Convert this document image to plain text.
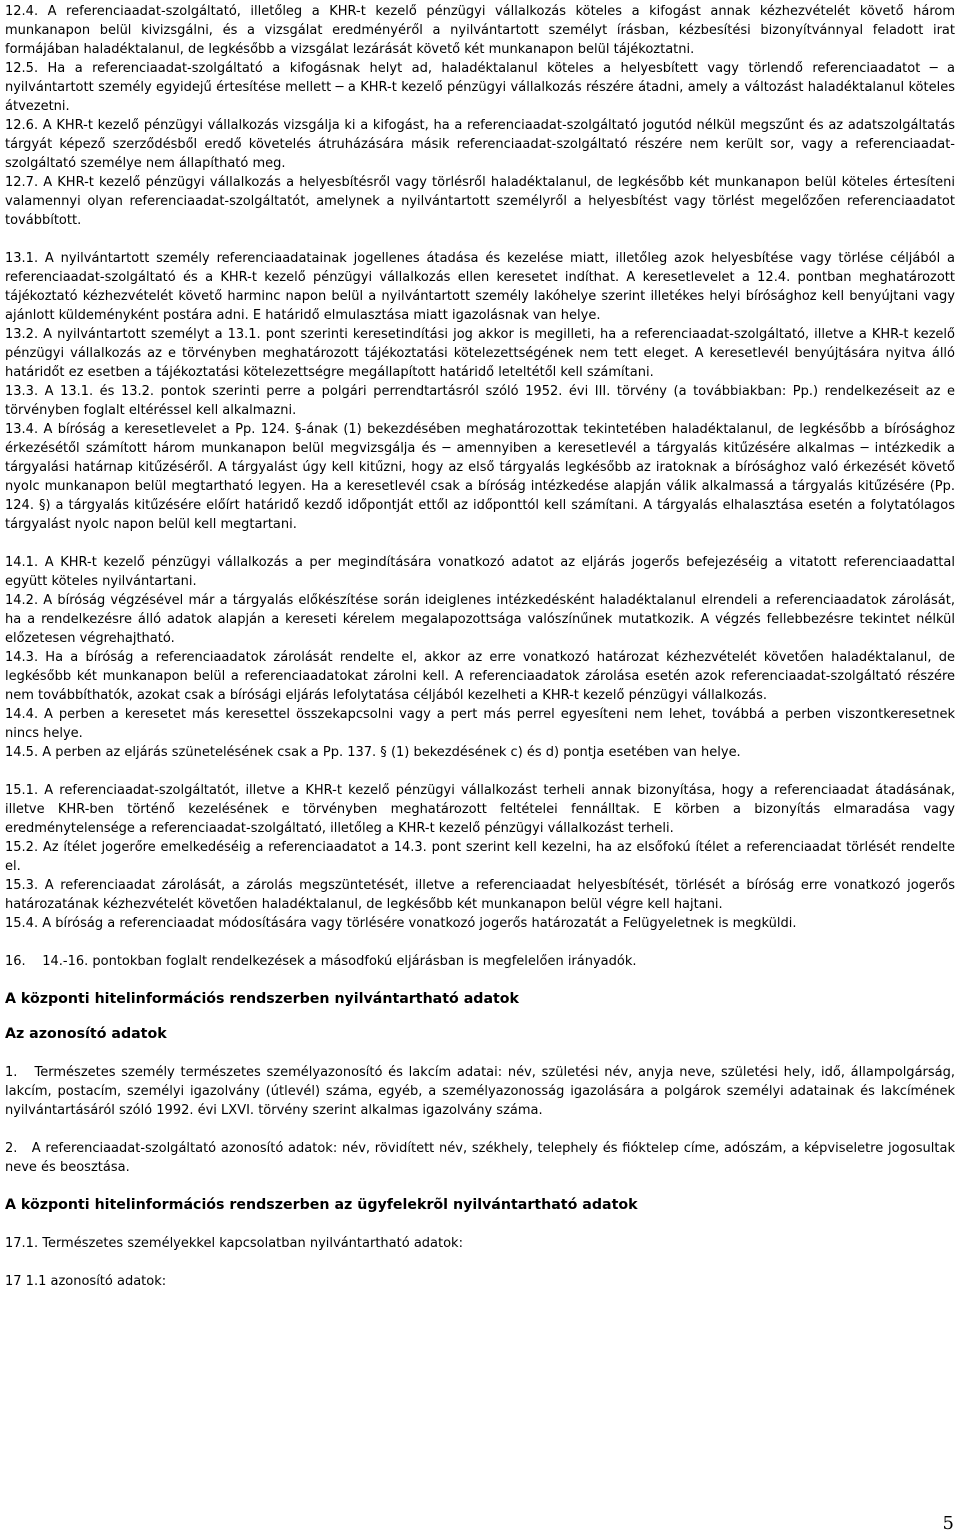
12.4. A referenciaadat-szolgáltató, illetőleg a KHR-t kezelő pénzügyi vállalkozás köteles a kifogást annak kézhezvételét követő három munkanapon belül kivizsgálni, és a vizsgálat eredményéről a nyilvántartott személyt írásban, kézbesítési bizonyítvánnyal feladott irat formájában haladéktalanul, de legkésőbb a vizsgálat lezárását követő két munkanapon belül tájékoztatni.

12.5. Ha a referenciaadat-szolgáltató a kifogásnak helyt ad, haladéktalanul köteles a helyesbített vagy törlendő referenciaadatot ─ a nyilvántartott személy egyidejű értesítése mellett ─ a KHR-t kezelő pénzügyi vállalkozás részére átadni, amely a változást haladéktalanul köteles átvezetni.

12.6. A KHR-t kezelő pénzügyi vállalkozás vizsgálja ki a kifogást, ha a referenciaadat-szolgáltató jogutód nélkül megszűnt és az adatszolgáltatás tárgyát képező szerződésből eredő követelés átruházására másik referenciaadat-szolgáltató részére nem került sor, vagy a referenciaadat-szolgáltató személye nem állapítható meg.

12.7. A KHR-t kezelő pénzügyi vállalkozás a helyesbítésről vagy törlésről haladéktalanul, de legkésőbb két munkanapon belül köteles értesíteni valamennyi olyan referenciaadat-szolgáltatót, amelynek a nyilvántartott személyről a helyesbítést vagy törlést megelőzően referenciaadatot továbbított.

13.1. A nyilvántartott személy referenciaadatainak jogellenes átadása és kezelése miatt, illetőleg azok helyesbítése vagy törlése céljából a referenciaadat-szolgáltató és a KHR-t kezelő pénzügyi vállalkozás ellen keresetet indíthat. A keresetlevelet a 12.4. pontban meghatározott tájékoztató kézhezvételét követő harminc napon belül a nyilvántartott személy lakóhelye szerint illetékes helyi bírósághoz kell benyújtani vagy ajánlott küldeményként postára adni. E határidő elmulasztása miatt igazolásnak van helye.

13.2. A nyilvántartott személyt a 13.1. pont szerinti keresetindítási jog akkor is megilleti, ha a referenciaadat-szolgáltató, illetve a KHR-t kezelő pénzügyi vállalkozás az e törvényben meghatározott tájékoztatási kötelezettségének nem tett eleget. A keresetlevél benyújtására nyitva álló határidőt ez esetben a tájékoztatási kötelezettségre megállapított határidő leteltétől kell számítani.

13.3. A 13.1. és 13.2. pontok szerinti perre a polgári perrendtartásról szóló 1952. évi III. törvény (a továbbiakban: Pp.) rendelkezéseit az e törvényben foglalt eltéréssel kell alkalmazni.

13.4. A bíróság a keresetlevelet a Pp. 124. §-ának (1) bekezdésében meghatározottak tekintetében haladéktalanul, de legkésőbb a bírósághoz érkezésétől számított három munkanapon belül megvizsgálja és ─ amennyiben a keresetlevél a tárgyalás kitűzésére alkalmas ─ intézkedik a tárgyalási határnap kitűzéséről. A tárgyalást úgy kell kitűzni, hogy az első tárgyalás legkésőbb az iratoknak a bírósághoz való érkezését követő nyolc munkanapon belül megtartható legyen. Ha a keresetlevél csak a bíróság intézkedése alapján válik alkalmassá a tárgyalás kitűzésére (Pp. 124. §) a tárgyalás kitűzésére előírt határidő kezdő időpontját ettől az időponttól kell számítani. A tárgyalás elhalasztása esetén a folytatólagos tárgyalást nyolc napon belül kell megtartani.

14.1. A KHR-t kezelő pénzügyi vállalkozás a per megindítására vonatkozó adatot az eljárás jogerős befejezéséig a vitatott referenciaadattal együtt köteles nyilvántartani.

14.2. A bíróság végzésével már a tárgyalás előkészítése során ideiglenes intézkedésként haladéktalanul elrendeli a referenciaadatok zárolását, ha a rendelkezésre álló adatok alapján a kereseti kérelem megalapozottsága valószínűnek mutatkozik. A végzés fellebbezésre tekintet nélkül előzetesen végrehajtható.

14.3. Ha a bíróság a referenciaadatok zárolását rendelte el, akkor az erre vonatkozó határozat kézhezvételét követően haladéktalanul, de legkésőbb két munkanapon belül a referenciaadatokat zárolni kell. A referenciaadatok zárolása esetén azok referenciaadat-szolgáltató részére nem továbbíthatók, azokat csak a bírósági eljárás lefolytatása céljából kezelheti a KHR-t kezelő pénzügyi vállalkozás.

14.4. A perben a keresetet más keresettel összekapcsolni vagy a pert más perrel egyesíteni nem lehet, továbbá a perben viszontkeresetnek nincs helye.

14.5. A perben az eljárás szünetelésének csak a Pp. 137. § (1) bekezdésének c) és d) pontja esetében van helye.

15.1. A referenciaadat-szolgáltatót, illetve a KHR-t kezelő pénzügyi vállalkozást terheli annak bizonyítása, hogy a referenciaadat átadásának, illetve KHR-ben történő kezelésének e törvényben meghatározott feltételei fennálltak. E körben a bizonyítás elmaradása vagy eredménytelensége a referenciaadat-szolgáltató, illetőleg a KHR-t kezelő pénzügyi vállalkozást terheli.

15.2. Az ítélet jogerőre emelkedéséig a referenciaadatot a 14.3. pont szerint kell kezelni, ha az elsőfokú ítélet a referenciaadat törlését rendelte el.

15.3. A referenciaadat zárolását, a zárolás megszüntetését, illetve a referenciaadat helyesbítését, törlését a bíróság erre vonatkozó jogerős határozatának kézhezvételét követően haladéktalanul, de legkésőbb két munkanapon belül végre kell hajtani.

15.4. A bíróság a referenciaadat módosítására vagy törlésére vonatkozó jogerős határozatát a Felügyeletnek is megküldi.

16.    14.-16. pontokban foglalt rendelkezések a másodfokú eljárásban is megfelelően irányadók.

A központi hitelinformációs rendszerben nyilvántartható adatok

Az azonosító adatok

1.   Természetes személy természetes személyazonosító és lakcím adatai: név, születési név, anyja neve, születési hely, idő, állampolgárság, lakcím, postacím, személyi igazolvány (útlevél) száma, egyéb, a személyazonosság igazolására a polgárok személyi adatainak és lakcímének nyilvántartásáról szóló 1992. évi LXVI. törvény szerint alkalmas igazolvány száma.

2.   A referenciaadat-szolgáltató azonosító adatok: név, rövidített név, székhely, telephely és fióktelep címe, adószám, a képviseletre jogosultak neve és beosztása.

A központi hitelinformációs rendszerben az ügyfelekrõl nyilvántartható adatok

17.1. Természetes személyekkel kapcsolatban nyilvántartható adatok:

17 1.1 azonosító adatok:

5
